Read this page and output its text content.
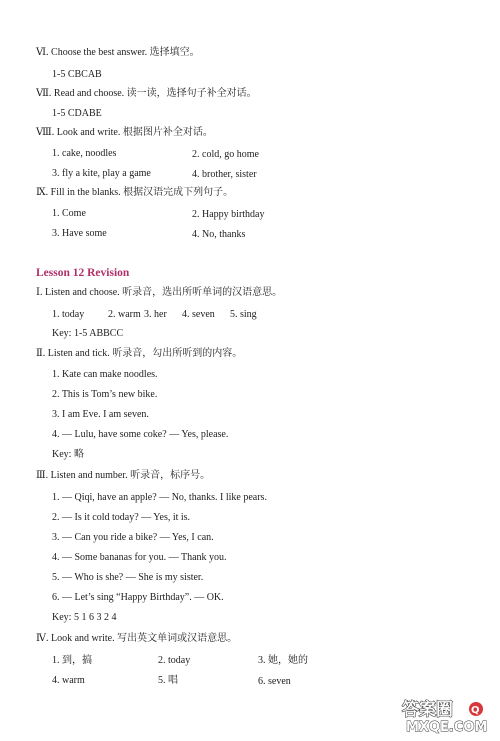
Ⅵ. Choose the best answer. 选择填空。
1-5 CBCAB
Ⅶ. Read and choose. 读一读，选择句子补全对话。
1-5 CDABE
Ⅷ. Look and write. 根据图片补全对话。
1. cake, noodles	2. cold, go home
3. fly a kite, play a game	4. brother, sister
Ⅸ. Fill in the blanks. 根据汉语完成下列句子。
1. Come	2. Happy birthday
3. Have some	4. No, thanks
Lesson 12 Revision
Ⅰ. Listen and choose. 听录音，选出所听单词的汉语意思。
1. today 2. warm 3. her 4. seven 5. sing
Key: 1-5 ABBCC
Ⅱ. Listen and tick. 听录音，勾出所听到的内容。
1. Kate can make noodles.
2. This is Tom’s new bike.
3. I am Eve. I am seven.
4. — Lulu, have some coke? — Yes, please.
Key: 略
Ⅲ. Listen and number. 听录音，标序号。
1. — Qiqi, have an apple? — No, thanks. I like pears.
2. — Is it cold today? — Yes, it is.
3. — Can you ride a bike? — Yes, I can.
4. — Some bananas for you. — Thank you.
5. — Who is she? — She is my sister.
6. — Let’s sing “Happy Birthday”. — OK.
Key: 5 1 6 3 2 4
Ⅳ. Look and write. 写出英文单词或汉语意思。
1. 到，搞	2. today	3. 她，她的
4. warm	5. 唱	6. seven
答案圈 Q
MXQE.COM
